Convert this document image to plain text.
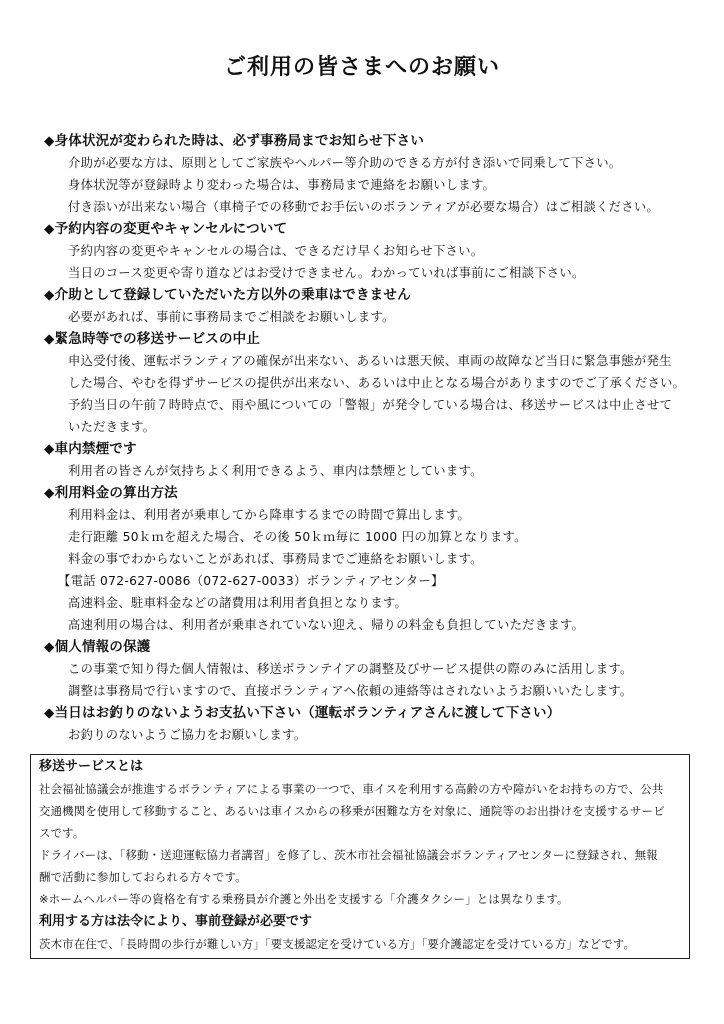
ご利用の皆さまへのお願い
◆身体状況が変わられた時は、必ず事務局までお知らせ下さい
介助が必要な方は、原則としてご家族やヘルパー等介助のできる方が付き添いで同乗して下さい。
身体状況等が登録時より変わった場合は、事務局まで連絡をお願いします。
付き添いが出来ない場合（車椅子での移動でお手伝いのボランティアが必要な場合）はご相談ください。
◆予約内容の変更やキャンセルについて
予約内容の変更やキャンセルの場合は、できるだけ早くお知らせ下さい。
当日のコース変更や寄り道などはお受けできません。わかっていれば事前にご相談下さい。
◆介助として登録していただいた方以外の乗車はできません
必要があれば、事前に事務局までご相談をお願いします。
◆緊急時等での移送サービスの中止
申込受付後、運転ボランティアの確保が出来ない、あるいは悪天候、車両の故障など当日に緊急事態が発生
した場合、やむを得ずサービスの提供が出来ない、あるいは中止となる場合がありますのでご了承ください。
予約当日の午前７時時点で、雨や風についての「警報」が発令している場合は、移送サービスは中止させて
いただきます。
◆車内禁煙です
利用者の皆さんが気持ちよく利用できるよう、車内は禁煙としています。
◆利用料金の算出方法
利用料金は、利用者が乗車してから降車するまでの時間で算出します。
走行距離 50ｋｍを超えた場合、その後 50ｋｍ毎に 1000 円の加算となります。
料金の事でわからないことがあれば、事務局までご連絡をお願いします。
【電話 072-627-0086（072-627-0033）ボランティアセンター】
高速料金、駐車料金などの諸費用は利用者負担となります。
高速利用の場合は、利用者が乗車されていない迎え、帰りの料金も負担していただきます。
◆個人情報の保護
この事業で知り得た個人情報は、移送ボランテイアの調整及びサービス提供の際のみに活用します。
調整は事務局で行いますので、直接ボランティアへ依頼の連絡等はされないようお願いいたします。
◆当日はお釣りのないようお支払い下さい（運転ボランティアさんに渡して下さい）
お釣りのないようご協力をお願いします。
移送サービスとは
社会福祉協議会が推進するボランティアによる事業の一つで、車イスを利用する高齢の方や障がいをお持ちの方で、公共
交通機関を使用して移動すること、あるいは車イスからの移乗が困難な方を対象に、通院等のお出掛けを支援するサービ
スです。
ドライバーは、「移動・送迎運転協力者講習」を修了し、茨木市社会福祉協議会ボランティアセンターに登録され、無報
酬で活動に参加しておられる方々です。
※ホームヘルパー等の資格を有する乗務員が介護と外出を支援する「介護タクシー」とは異なります。
利用する方は法令により、事前登録が必要です
茨木市在住で、「長時間の歩行が難しい方」「要支援認定を受けている方」「要介護認定を受けている方」などです。
